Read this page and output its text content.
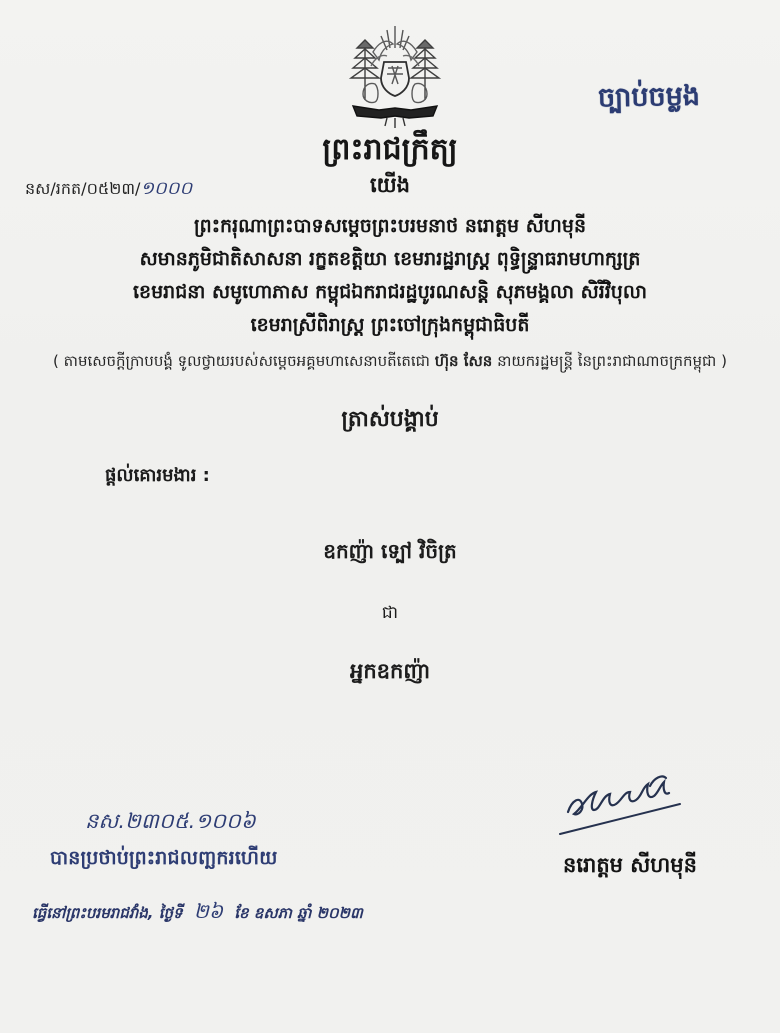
ច្បាប់ចម្លង
ព្រះរាជក្រឹត្យ
យើង
នស/រកត/០៥២៣/១០០០
ព្រះករុណាព្រះបាទសម្តេចព្រះបរមនាថ នរោត្តម សីហមុនី
សមានភូមិជាតិសាសនា រក្ខតខត្តិយា ខេមរារដ្ឋរាស្ត្រ ពុទ្ធិន្ទ្រាធរាមហាក្សត្រ
ខេមរាជនា សមូហោភាស កម្ពុជឯករាជរដ្ឋបូរណសន្តិ សុភមង្គលា សិរីវិបុលា
ខេមរាស្រីពិរាស្ត្រ ព្រះចៅក្រុងកម្ពុជាធិបតី
( តាមសេចក្តីក្រាបបង្គំ ទូលថ្វាយរបស់សម្តេចអគ្គមហាសេនាបតីតេជោ ហ៊ុន សែន នាយករដ្ឋមន្ត្រី នៃព្រះរាជាណាចក្រកម្ពុជា )
ត្រាស់បង្គាប់
ផ្តល់គោរមងារ :
ឧកញ៉ា ទ្បៅ វិចិត្រ
ជា
អ្នកឧកញ៉ា
នស.២៣០៥.១០០៦
បានប្រថាប់ព្រះរាជលញ្ឆករហើយ
ធ្វើនៅព្រះបរមរាជវាំង, ថ្ងៃទី ២៦ ខែ ឧសភា ឆ្នាំ ២០២៣
នរោត្តម សីហមុនី
